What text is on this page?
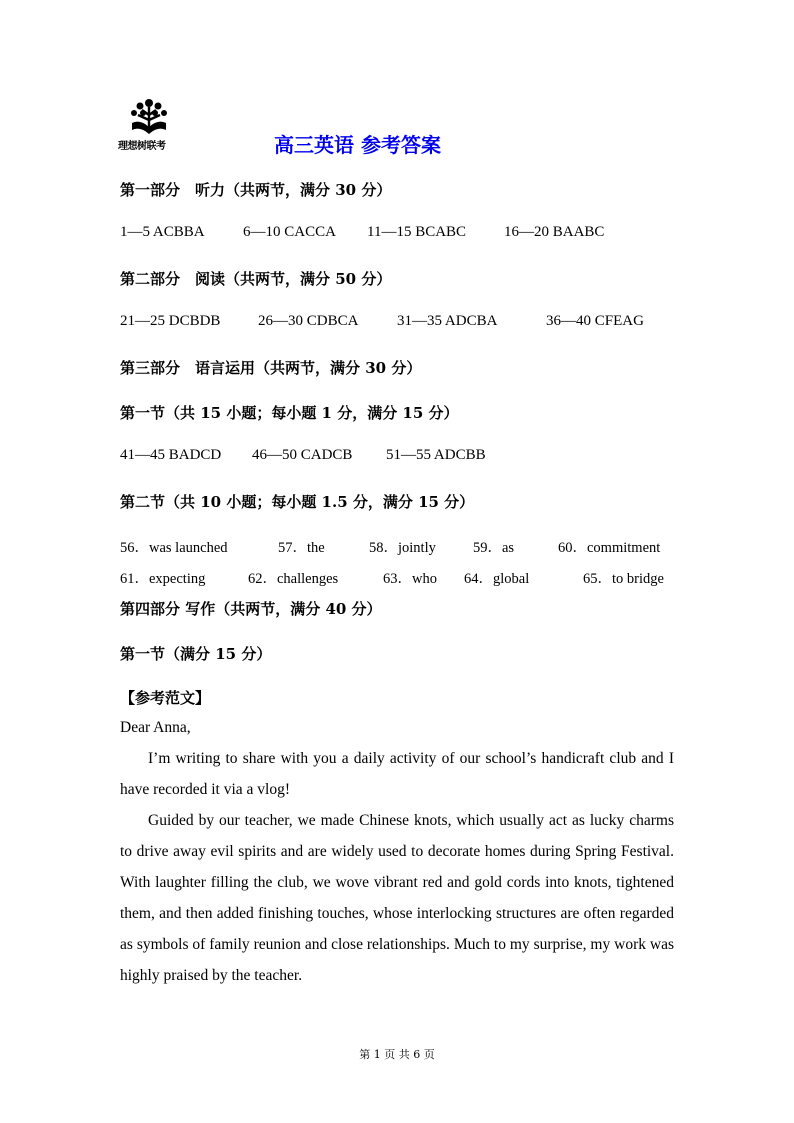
理想树联考	高三英语 参考答案
第一部分　听力（共两节，满分 30 分）
1—5 ACBBA	6—10 CACCA 11—15 BCABC	16—20 BAABC
第二部分　阅读（共两节，满分 50 分）
21—25 DCBDB	26—30 CDBCA	31—35 ADCBA	36—40 CFEAG
第三部分　语言运用（共两节，满分 30 分）
第一节（共 15 小题；每小题 1 分，满分 15 分）
41—45 BADCD 46—50 CADCB 51—55 ADCBB
第二节（共 10 小题；每小题 1.5 分，满分 15 分）
56．was launched	57．the	58．jointly	59．as	60．commitment
61．expecting	62．challenges	63．who 64．global	65．to bridge
第四部分 写作（共两节，满分 40 分）
第一节（满分 15 分）
【参考范文】
Dear Anna,
I’m writing to share with you a daily activity of our school’s handicraft club and I have recorded it via a vlog!
Guided by our teacher, we made Chinese knots, which usually act as lucky charms to drive away evil spirits and are widely used to decorate homes during Spring Festival. With laughter filling the club, we wove vibrant red and gold cords into knots, tightened them, and then added finishing touches, whose interlocking structures are often regarded as symbols of family reunion and close relationships. Much to my surprise, my work was highly praised by the teacher.
第 1 页 共 6 页
